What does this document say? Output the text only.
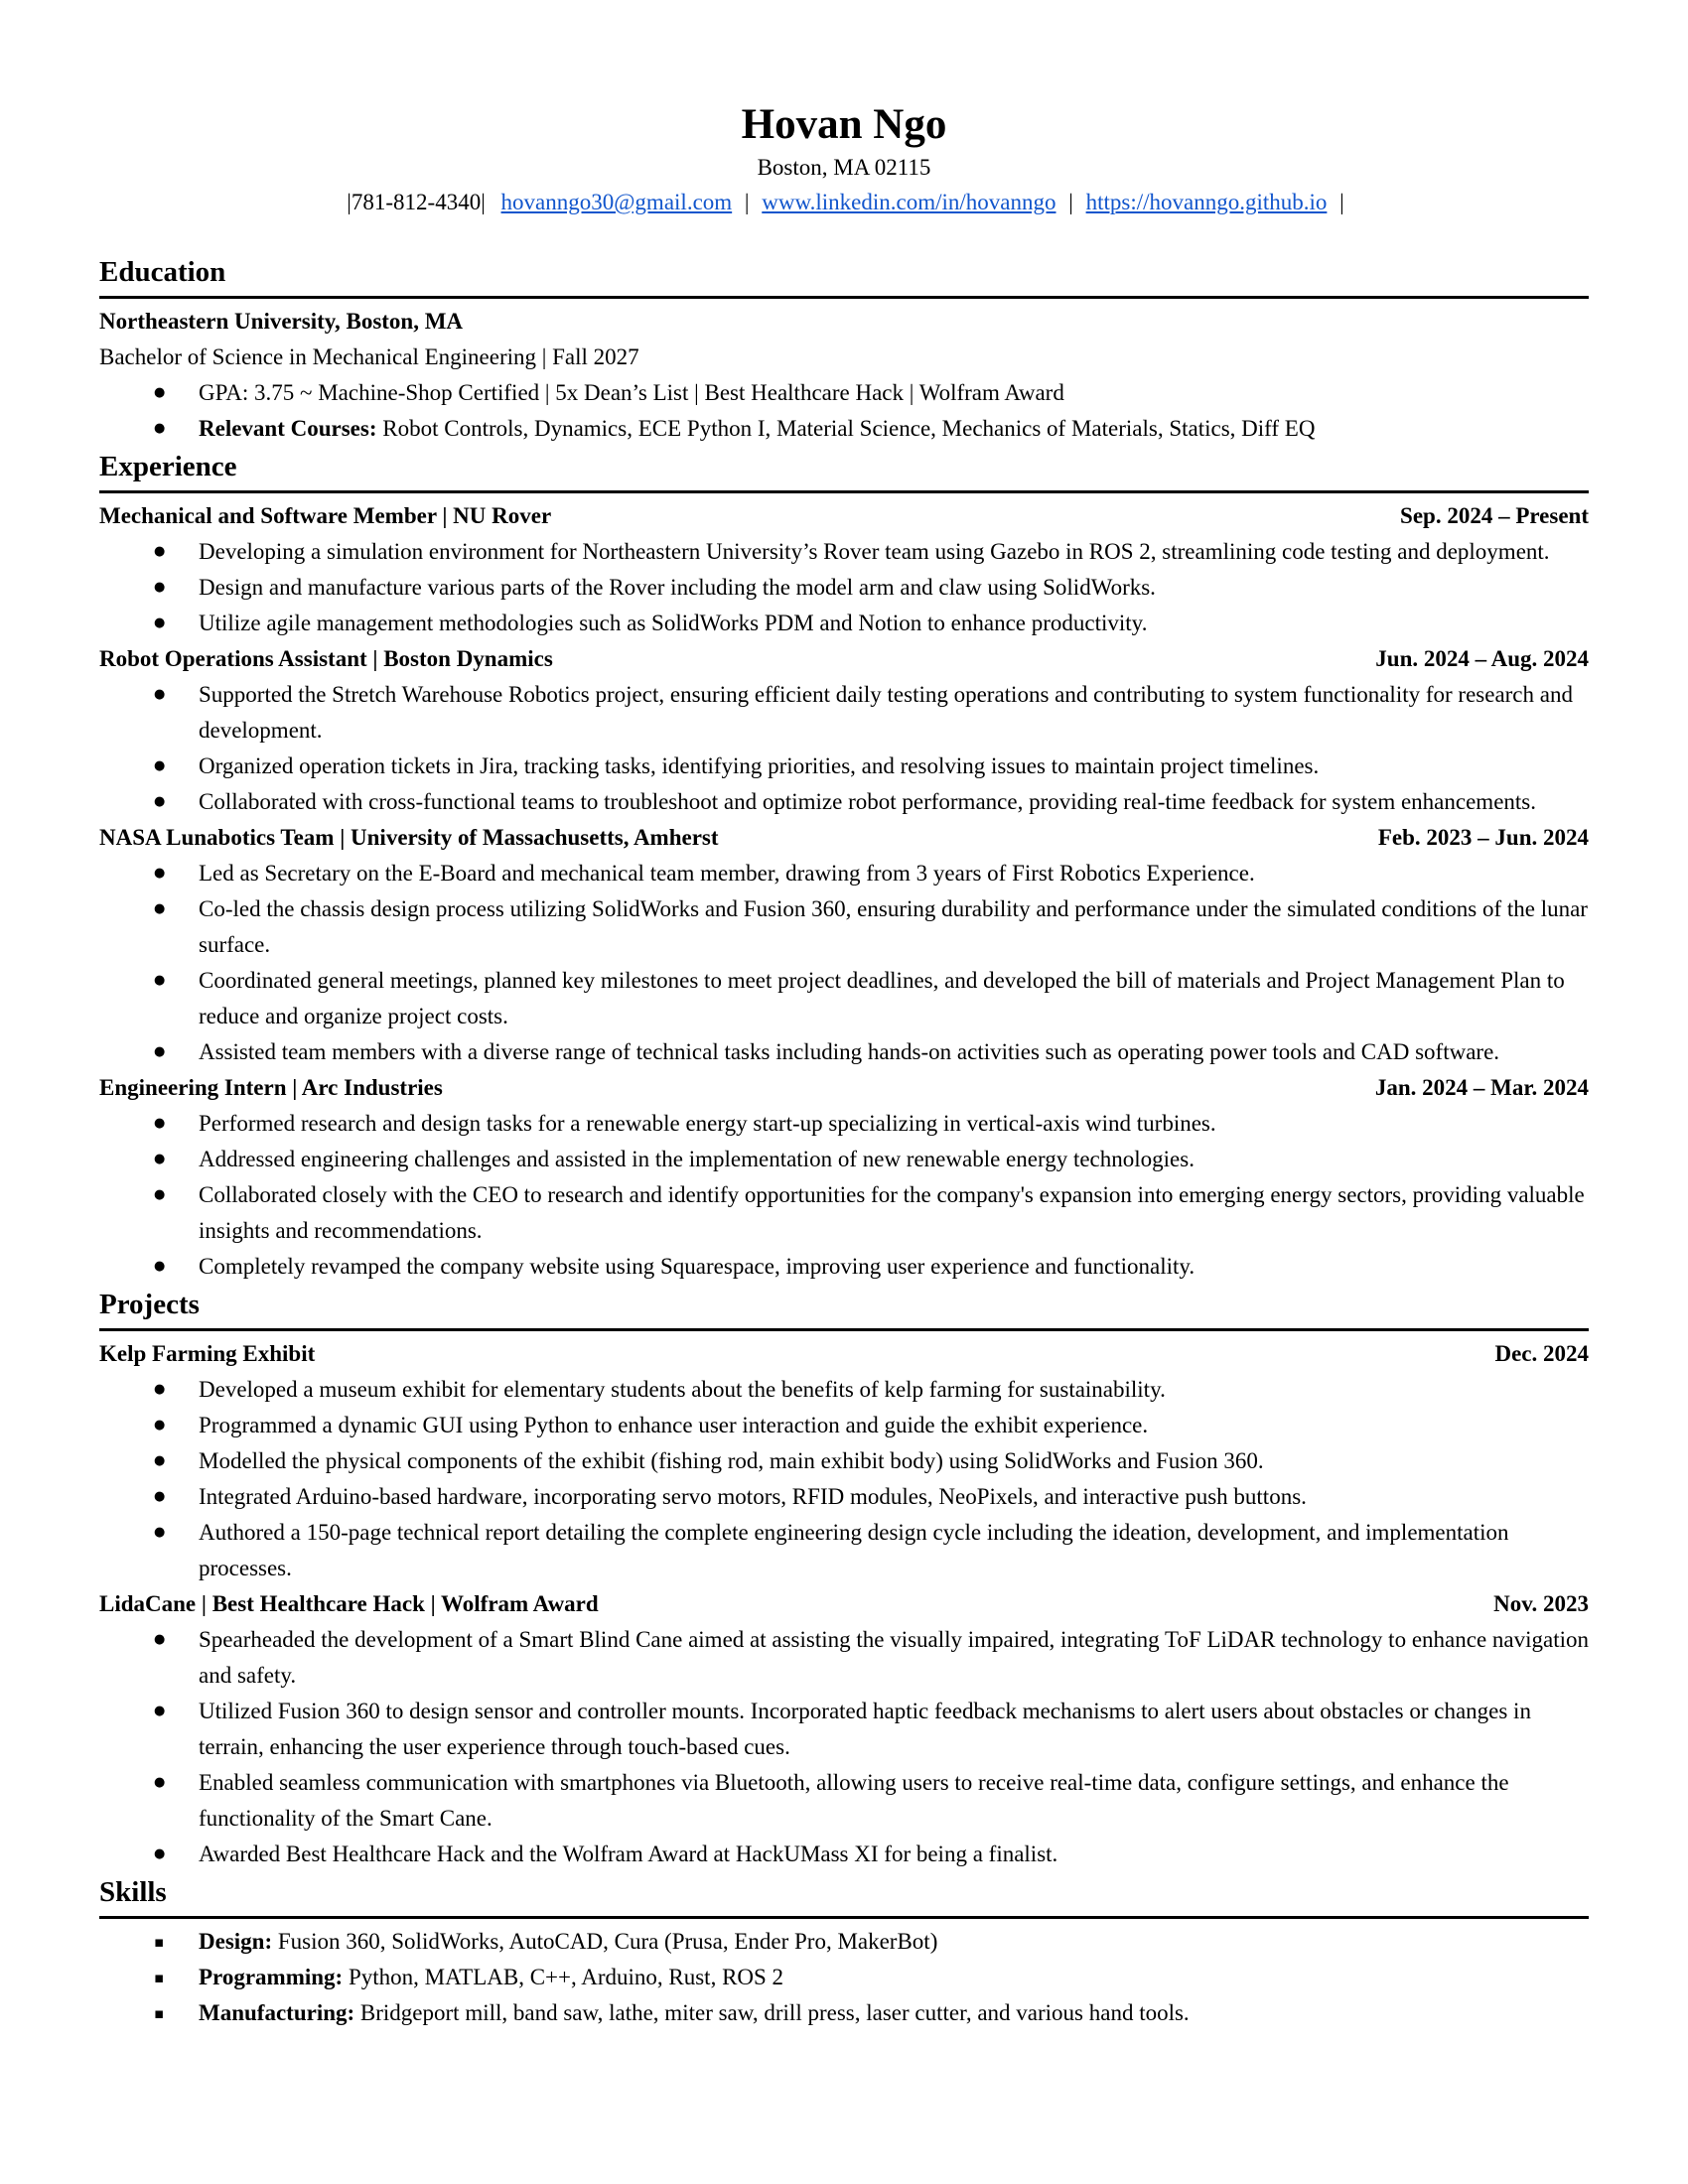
Hovan Ngo
Boston, MA 02115
|781-812-4340| hovanngo30@gmail.com | www.linkedin.com/in/hovanngo | https://hovanngo.github.io |
Education
Northeastern University, Boston, MA
Bachelor of Science in Mechanical Engineering | Fall 2027
● GPA: 3.75 ~ Machine-Shop Certified | 5x Dean’s List | Best Healthcare Hack | Wolfram Award
● Relevant Courses: Robot Controls, Dynamics, ECE Python I, Material Science, Mechanics of Materials, Statics, Diff EQ
Experience
Mechanical and Software Member | NU Rover	Sep. 2024 – Present
● Developing a simulation environment for Northeastern University’s Rover team using Gazebo in ROS 2, streamlining code testing and deployment.
● Design and manufacture various parts of the Rover including the model arm and claw using SolidWorks.
● Utilize agile management methodologies such as SolidWorks PDM and Notion to enhance productivity.
Robot Operations Assistant | Boston Dynamics	Jun. 2024 – Aug. 2024
● Supported the Stretch Warehouse Robotics project, ensuring efficient daily testing operations and contributing to system functionality for research and development.
● Organized operation tickets in Jira, tracking tasks, identifying priorities, and resolving issues to maintain project timelines.
● Collaborated with cross-functional teams to troubleshoot and optimize robot performance, providing real-time feedback for system enhancements.
NASA Lunabotics Team | University of Massachusetts, Amherst	Feb. 2023 – Jun. 2024
● Led as Secretary on the E-Board and mechanical team member, drawing from 3 years of First Robotics Experience.
● Co-led the chassis design process utilizing SolidWorks and Fusion 360, ensuring durability and performance under the simulated conditions of the lunar surface.
● Coordinated general meetings, planned key milestones to meet project deadlines, and developed the bill of materials and Project Management Plan to reduce and organize project costs.
● Assisted team members with a diverse range of technical tasks including hands-on activities such as operating power tools and CAD software.
Engineering Intern | Arc Industries	Jan. 2024 – Mar. 2024
● Performed research and design tasks for a renewable energy start-up specializing in vertical-axis wind turbines.
● Addressed engineering challenges and assisted in the implementation of new renewable energy technologies.
● Collaborated closely with the CEO to research and identify opportunities for the company's expansion into emerging energy sectors, providing valuable insights and recommendations.
● Completely revamped the company website using Squarespace, improving user experience and functionality.
Projects
Kelp Farming Exhibit	Dec. 2024
● Developed a museum exhibit for elementary students about the benefits of kelp farming for sustainability.
● Programmed a dynamic GUI using Python to enhance user interaction and guide the exhibit experience.
● Modelled the physical components of the exhibit (fishing rod, main exhibit body) using SolidWorks and Fusion 360.
● Integrated Arduino-based hardware, incorporating servo motors, RFID modules, NeoPixels, and interactive push buttons.
● Authored a 150-page technical report detailing the complete engineering design cycle including the ideation, development, and implementation processes.
LidaCane | Best Healthcare Hack | Wolfram Award	Nov. 2023
● Spearheaded the development of a Smart Blind Cane aimed at assisting the visually impaired, integrating ToF LiDAR technology to enhance navigation and safety.
● Utilized Fusion 360 to design sensor and controller mounts. Incorporated haptic feedback mechanisms to alert users about obstacles or changes in terrain, enhancing the user experience through touch-based cues.
● Enabled seamless communication with smartphones via Bluetooth, allowing users to receive real-time data, configure settings, and enhance the functionality of the Smart Cane.
● Awarded Best Healthcare Hack and the Wolfram Award at HackUMass XI for being a finalist.
Skills
▪ Design: Fusion 360, SolidWorks, AutoCAD, Cura (Prusa, Ender Pro, MakerBot)
▪ Programming: Python, MATLAB, C++, Arduino, Rust, ROS 2
▪ Manufacturing: Bridgeport mill, band saw, lathe, miter saw, drill press, laser cutter, and various hand tools.
